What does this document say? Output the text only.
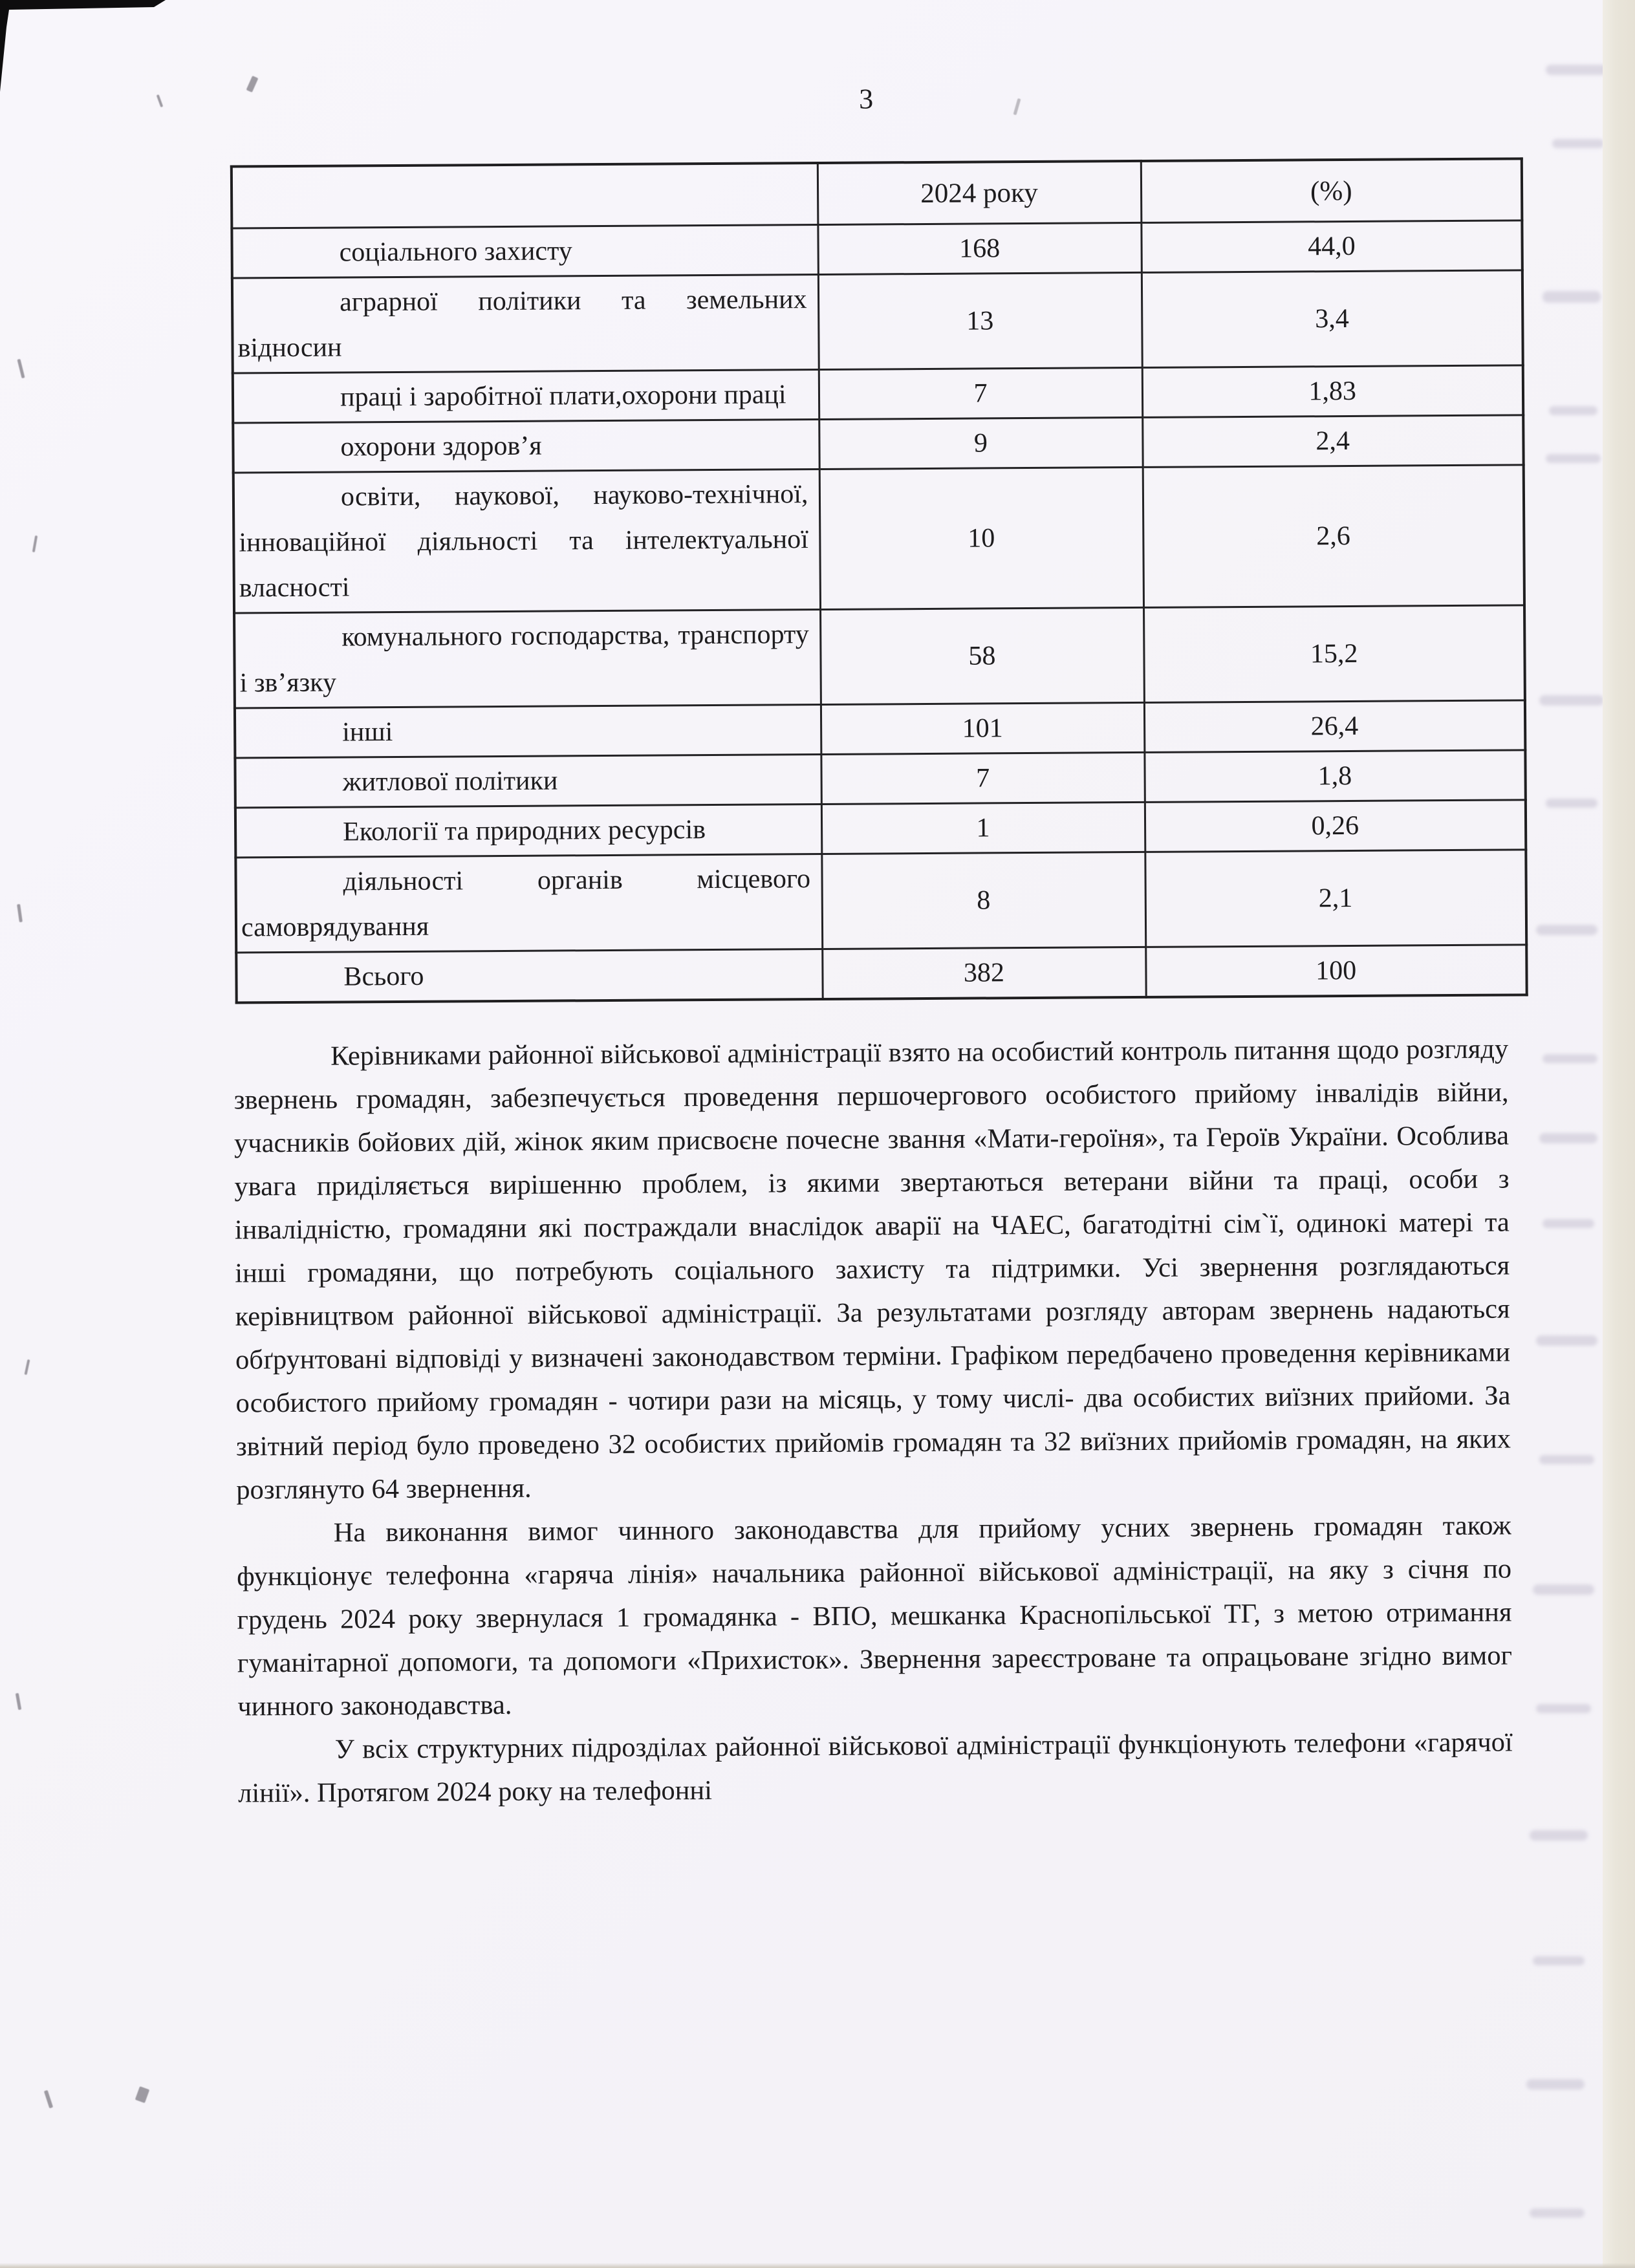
3
	2024 року	(%)
соціального захисту	168	44,0
аграрної політики та земельних відносин	13	3,4
праці і заробітної плати,охорони праці	7	1,83
охорони здоров’я	9	2,4
освіти, наукової, науково-технічної, інноваційної діяльності та інтелектуальної власності	10	2,6
комунального господарства, транспорту і зв’язку	58	15,2
інші	101	26,4
житлової політики	7	1,8
Екології та природних ресурсів	1	0,26
діяльності органів місцевого самоврядування	8	2,1
Всього	382	100

Керівниками районної військової адміністрації взято на особистий контроль питання щодо розгляду звернень громадян, забезпечується проведення першочергового особистого прийому інвалідів війни, учасників бойових дій, жінок яким присвоєне почесне звання «Мати-героїня», та Героїв України. Особлива увага приділяється вирішенню проблем, із якими звертаються ветерани війни та праці, особи з інвалідністю, громадяни які постраждали внаслідок аварії на ЧАЕС, багатодітні сім`ї, одинокі матері та інші громадяни, що потребують соціального захисту та підтримки. Усі звернення розглядаються керівництвом районної військової адміністрації. За результатами розгляду авторам звернень надаються обґрунтовані відповіді у визначені законодавством терміни. Графіком передбачено проведення керівниками особистого прийому громадян - чотири рази на місяць, у тому числі- два особистих виїзних прийоми. За звітний період було проведено 32 особистих прийомів громадян та 32 виїзних прийомів громадян, на яких розглянуто 64 звернення.

На виконання вимог чинного законодавства для прийому усних звернень громадян також функціонує телефонна «гаряча лінія» начальника районної військової адміністрації, на яку з січня по грудень 2024 року звернулася 1 громадянка - ВПО, мешканка Краснопільської ТГ, з метою отримання гуманітарної допомоги, та допомоги «Прихисток». Звернення зареєстроване та опрацьоване згідно вимог чинного законодавства.

У всіх структурних підрозділах районної військової адміністрації функціонують телефони «гарячої лінії». Протягом 2024 року на телефонні
